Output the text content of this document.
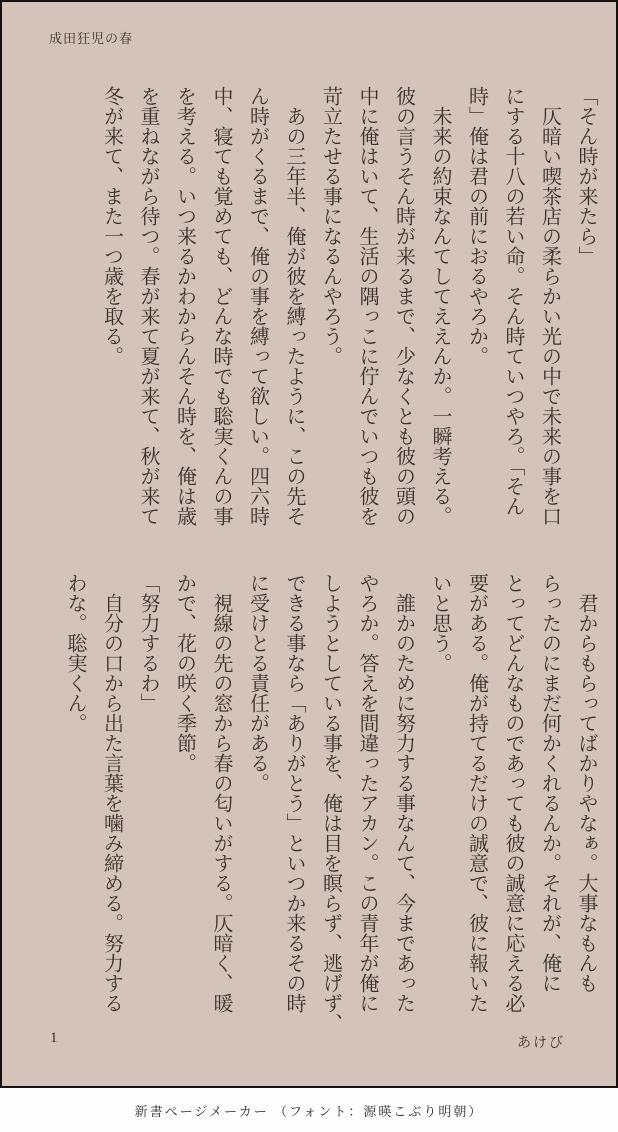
成田狂児の春
「そん時が来たら」
　仄暗い喫茶店の柔らかい光の中で未来の事を口
にする十八の若い命。そん時ていつやろ。「そん
時」俺は君の前におるやろか。
　未来の約束なんてしてええんか。一瞬考える。
彼の言うそん時が来るまで、少なくとも彼の頭の
中に俺はいて、生活の隅っこに佇んでいつも彼を
苛立たせる事になるんやろう。
　あの三年半、俺が彼を縛ったように、この先そ
ん時がくるまで、俺の事を縛って欲しい。四六時
中、寝ても覚めても、どんな時でも聡実くんの事
を考える。いつ来るかわからんそん時を、俺は歳
を重ねながら待つ。春が来て夏が来て、秋が来て
冬が来て、また一つ歳を取る。
　君からもらってばかりやなぁ。大事なもんも
らったのにまだ何かくれるんか。それが、俺に
とってどんなものであっても彼の誠意に応える必
要がある。俺が持てるだけの誠意で、彼に報いた
いと思う。
　誰かのために努力する事なんて、今まであった
やろか。答えを間違ったアカン。この青年が俺に
しようとしている事を、俺は目を瞑らず、逃げず、
できる事なら「ありがとう」といつか来るその時
に受けとる責任がある。
　視線の先の窓から春の匂いがする。仄暗く、暖
かで、花の咲く季節。
「努力するわ」
　自分の口から出た言葉を噛み締める。努力する
わな。聡実くん。
1	あけび
新書ページメーカー （フォント：源暎こぶり明朝）
